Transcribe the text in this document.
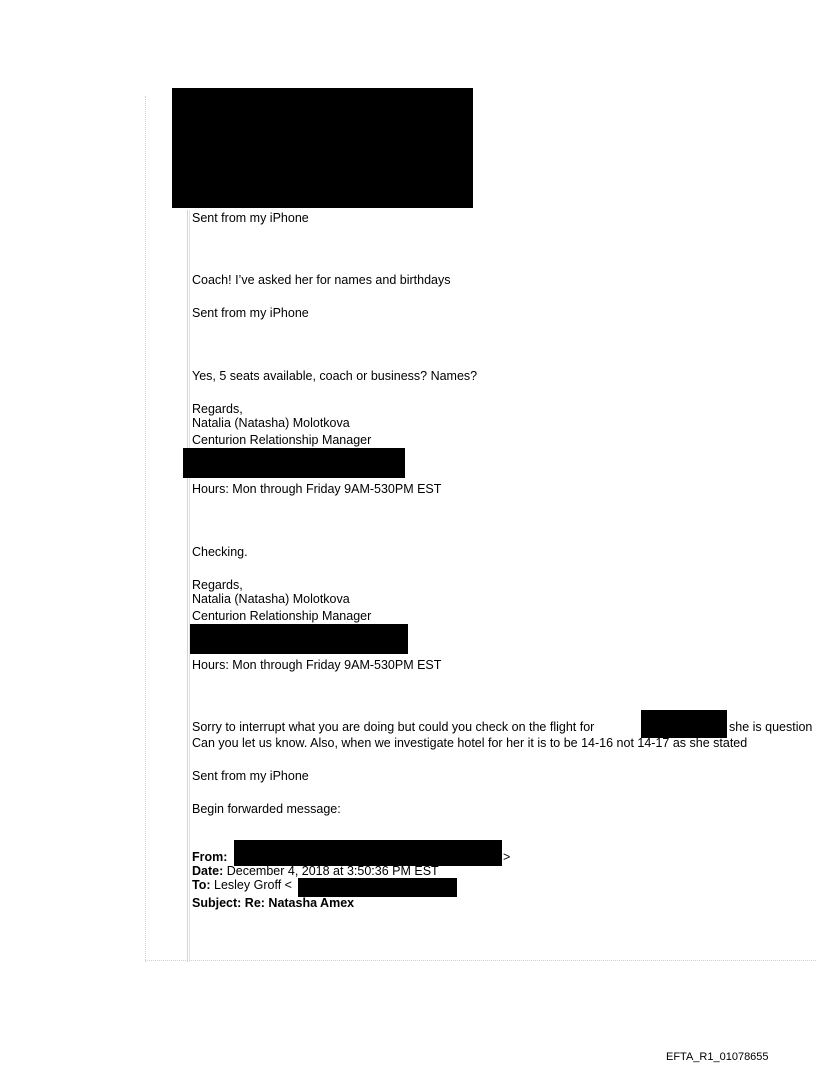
Sent from my iPhone
Coach! I’ve asked her for names and birthdays
Sent from my iPhone
Yes, 5 seats available, coach or business? Names?
Regards,
Natalia (Natasha) Molotkova
Centurion Relationship Manager
Hours: Mon through Friday 9AM-530PM EST
Checking.
Regards,
Natalia (Natasha) Molotkova
Centurion Relationship Manager
Hours: Mon through Friday 9AM-530PM EST
Sorry to interrupt what you are doing but could you check on the flight for	she is question
Can you let us know. Also, when we investigate hotel for her it is to be 14-16 not 14-17 as she stated
Sent from my iPhone
Begin forwarded message:
From:	>
Date: December 4, 2018 at 3:50:36 PM EST
To: Lesley Groff <
Subject: Re: Natasha Amex
EFTA_R1_01078655
